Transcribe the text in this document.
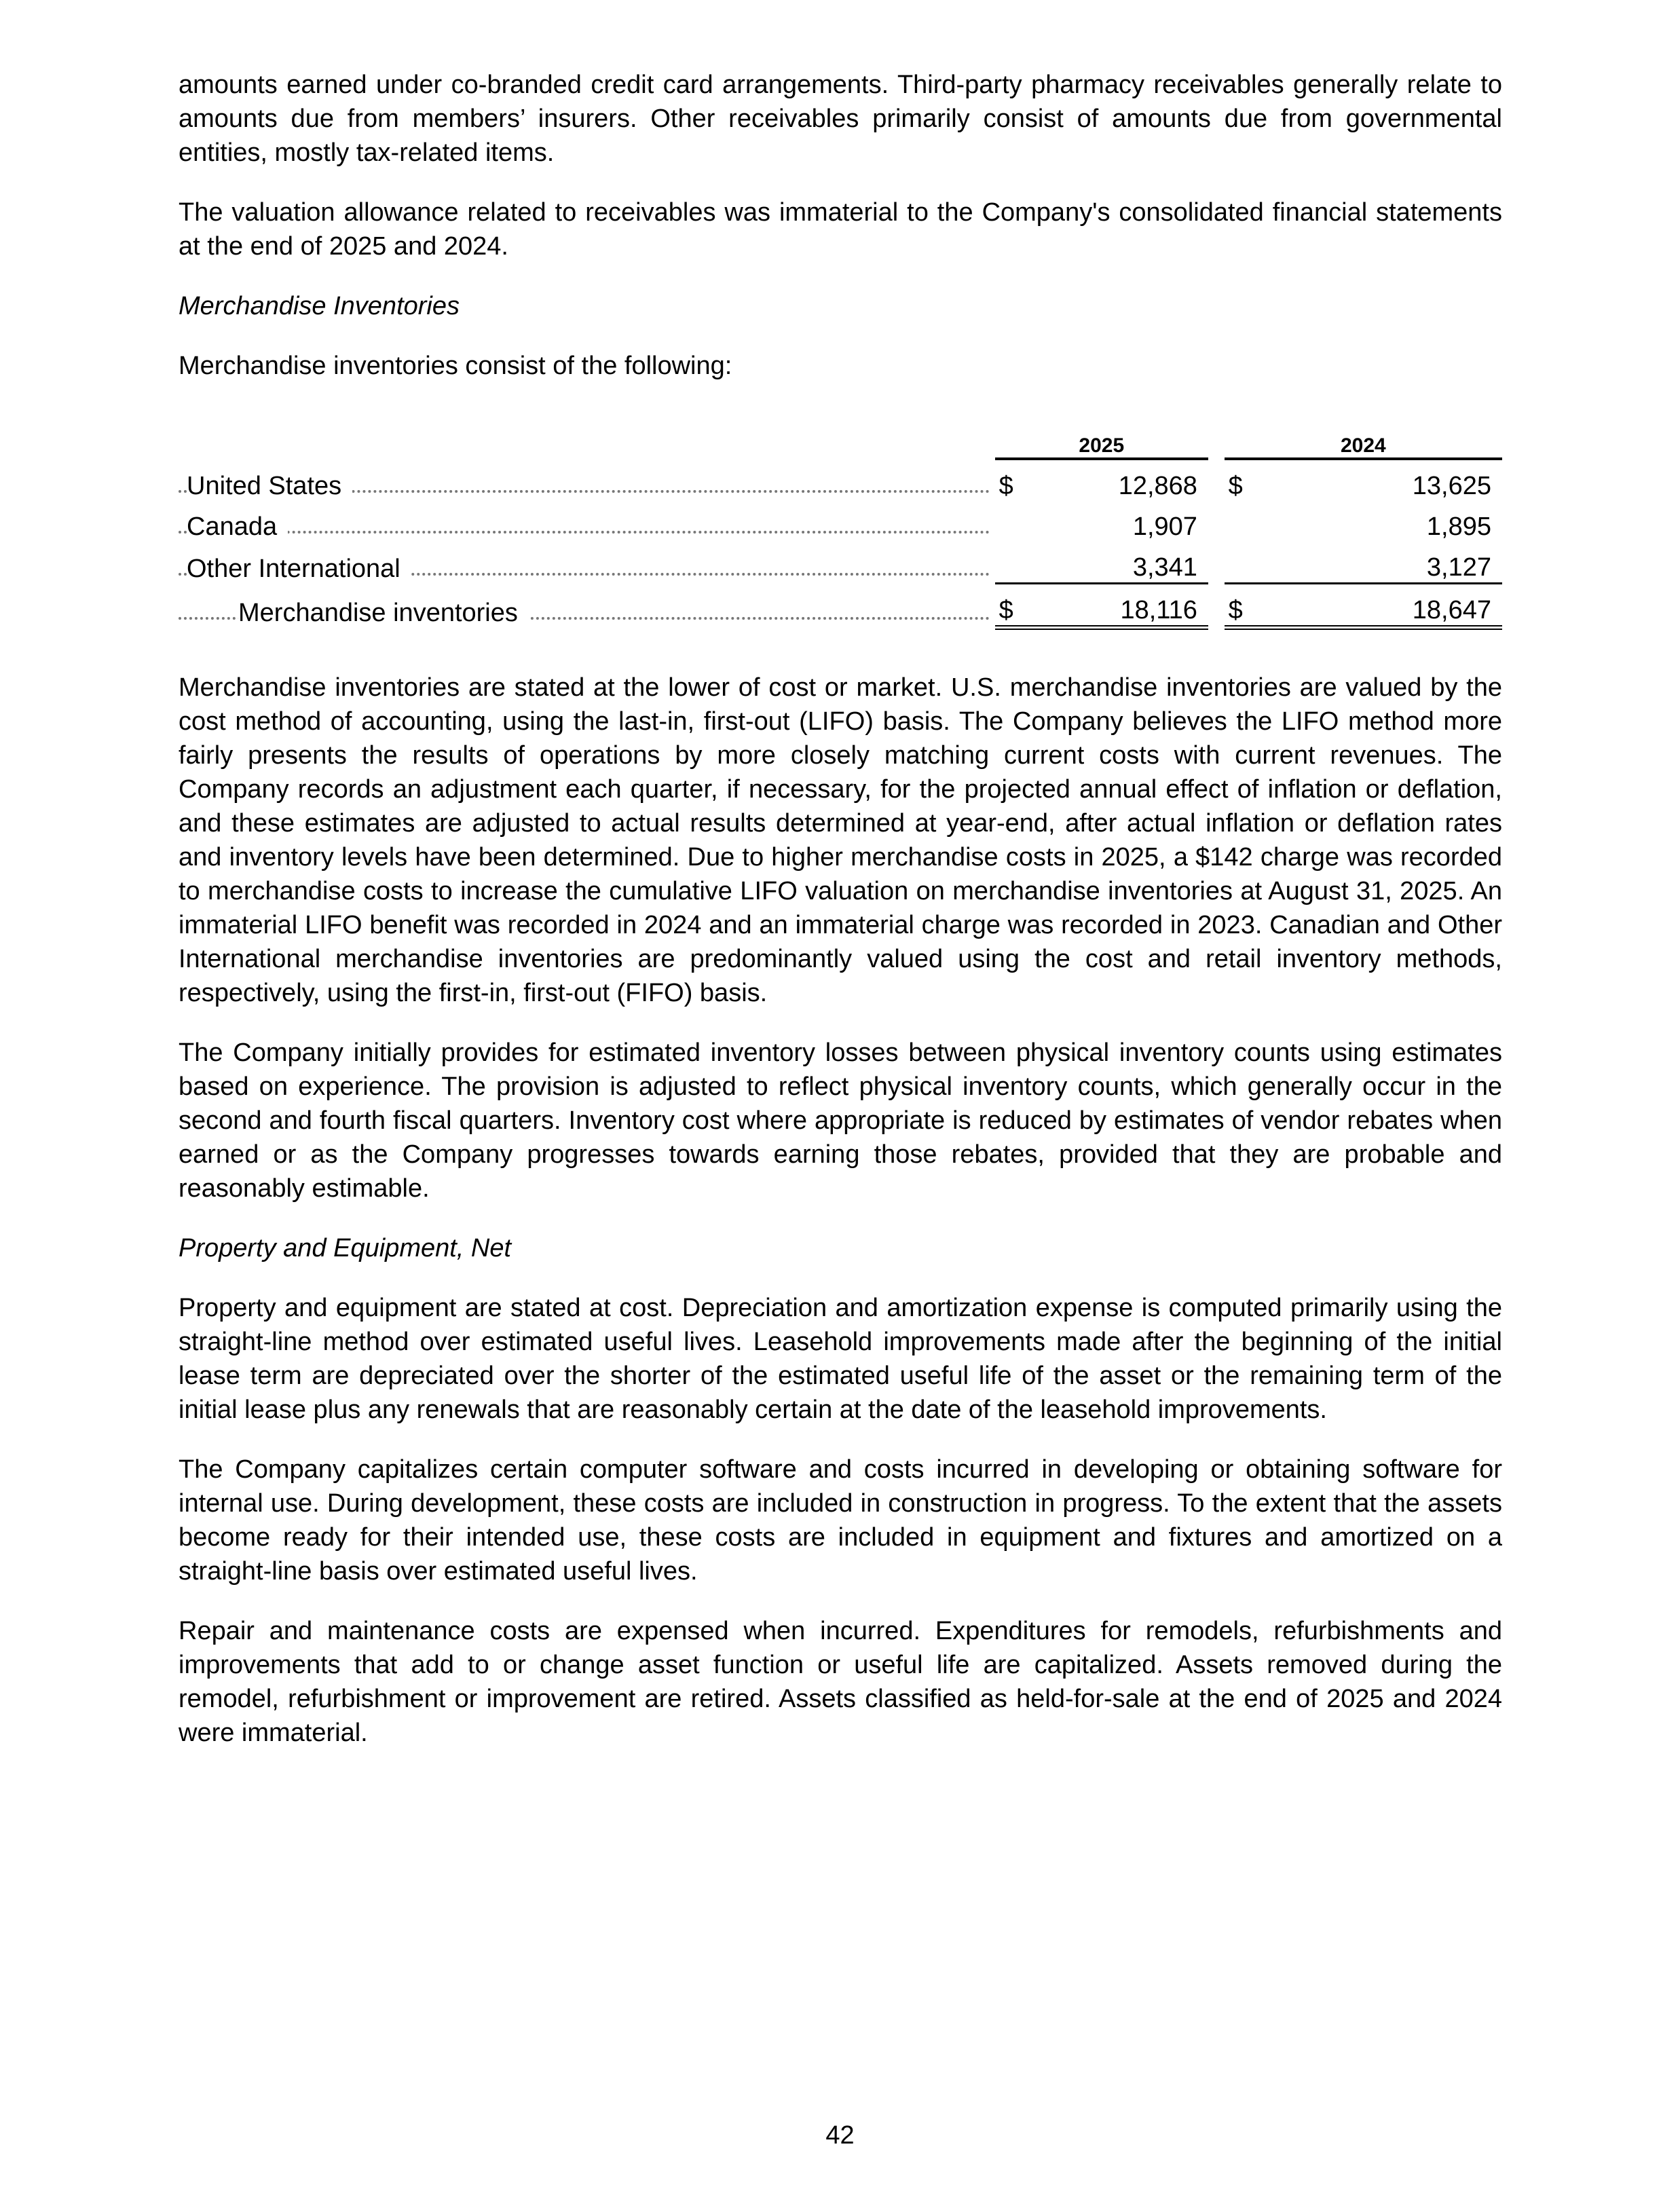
amounts earned under co-branded credit card arrangements. Third-party pharmacy receivables generally relate to amounts due from members’ insurers. Other receivables primarily consist of amounts due from governmental entities, mostly tax-related items.

The valuation allowance related to receivables was immaterial to the Company's consolidated financial statements at the end of 2025 and 2024.

Merchandise Inventories

Merchandise inventories consist of the following:

	2025			2024	
United States	$	12,868		$	13,625
Canada		1,907			1,895
Other International		3,341			3,127
Merchandise inventories	$	18,116		$	18,647

Merchandise inventories are stated at the lower of cost or market. U.S. merchandise inventories are valued by the cost method of accounting, using the last-in, first-out (LIFO) basis. The Company believes the LIFO method more fairly presents the results of operations by more closely matching current costs with current revenues. The Company records an adjustment each quarter, if necessary, for the projected annual effect of inflation or deflation, and these estimates are adjusted to actual results determined at year-end, after actual inflation or deflation rates and inventory levels have been determined. Due to higher merchandise costs in 2025, a $142 charge was recorded to merchandise costs to increase the cumulative LIFO valuation on merchandise inventories at August 31, 2025. An immaterial LIFO benefit was recorded in 2024 and an immaterial charge was recorded in 2023. Canadian and Other International merchandise inventories are predominantly valued using the cost and retail inventory methods, respectively, using the first-in, first-out (FIFO) basis.

The Company initially provides for estimated inventory losses between physical inventory counts using estimates based on experience. The provision is adjusted to reflect physical inventory counts, which generally occur in the second and fourth fiscal quarters. Inventory cost where appropriate is reduced by estimates of vendor rebates when earned or as the Company progresses towards earning those rebates, provided that they are probable and reasonably estimable.

Property and Equipment, Net

Property and equipment are stated at cost. Depreciation and amortization expense is computed primarily using the straight-line method over estimated useful lives. Leasehold improvements made after the beginning of the initial lease term are depreciated over the shorter of the estimated useful life of the asset or the remaining term of the initial lease plus any renewals that are reasonably certain at the date of the leasehold improvements.

The Company capitalizes certain computer software and costs incurred in developing or obtaining software for internal use. During development, these costs are included in construction in progress. To the extent that the assets become ready for their intended use, these costs are included in equipment and fixtures and amortized on a straight-line basis over estimated useful lives.

Repair and maintenance costs are expensed when incurred. Expenditures for remodels, refurbishments and improvements that add to or change asset function or useful life are capitalized. Assets removed during the remodel, refurbishment or improvement are retired. Assets classified as held-for-sale at the end of 2025 and 2024 were immaterial.

42
